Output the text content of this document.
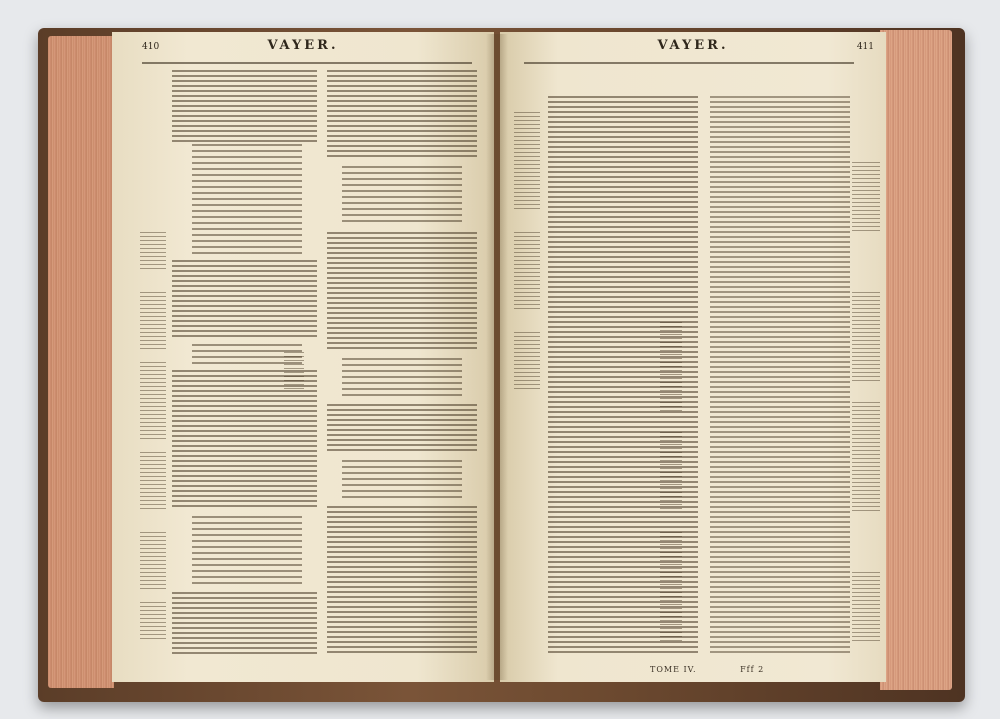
410	VAYER.	411
VAYER.
TOME IV.	Fff 2
